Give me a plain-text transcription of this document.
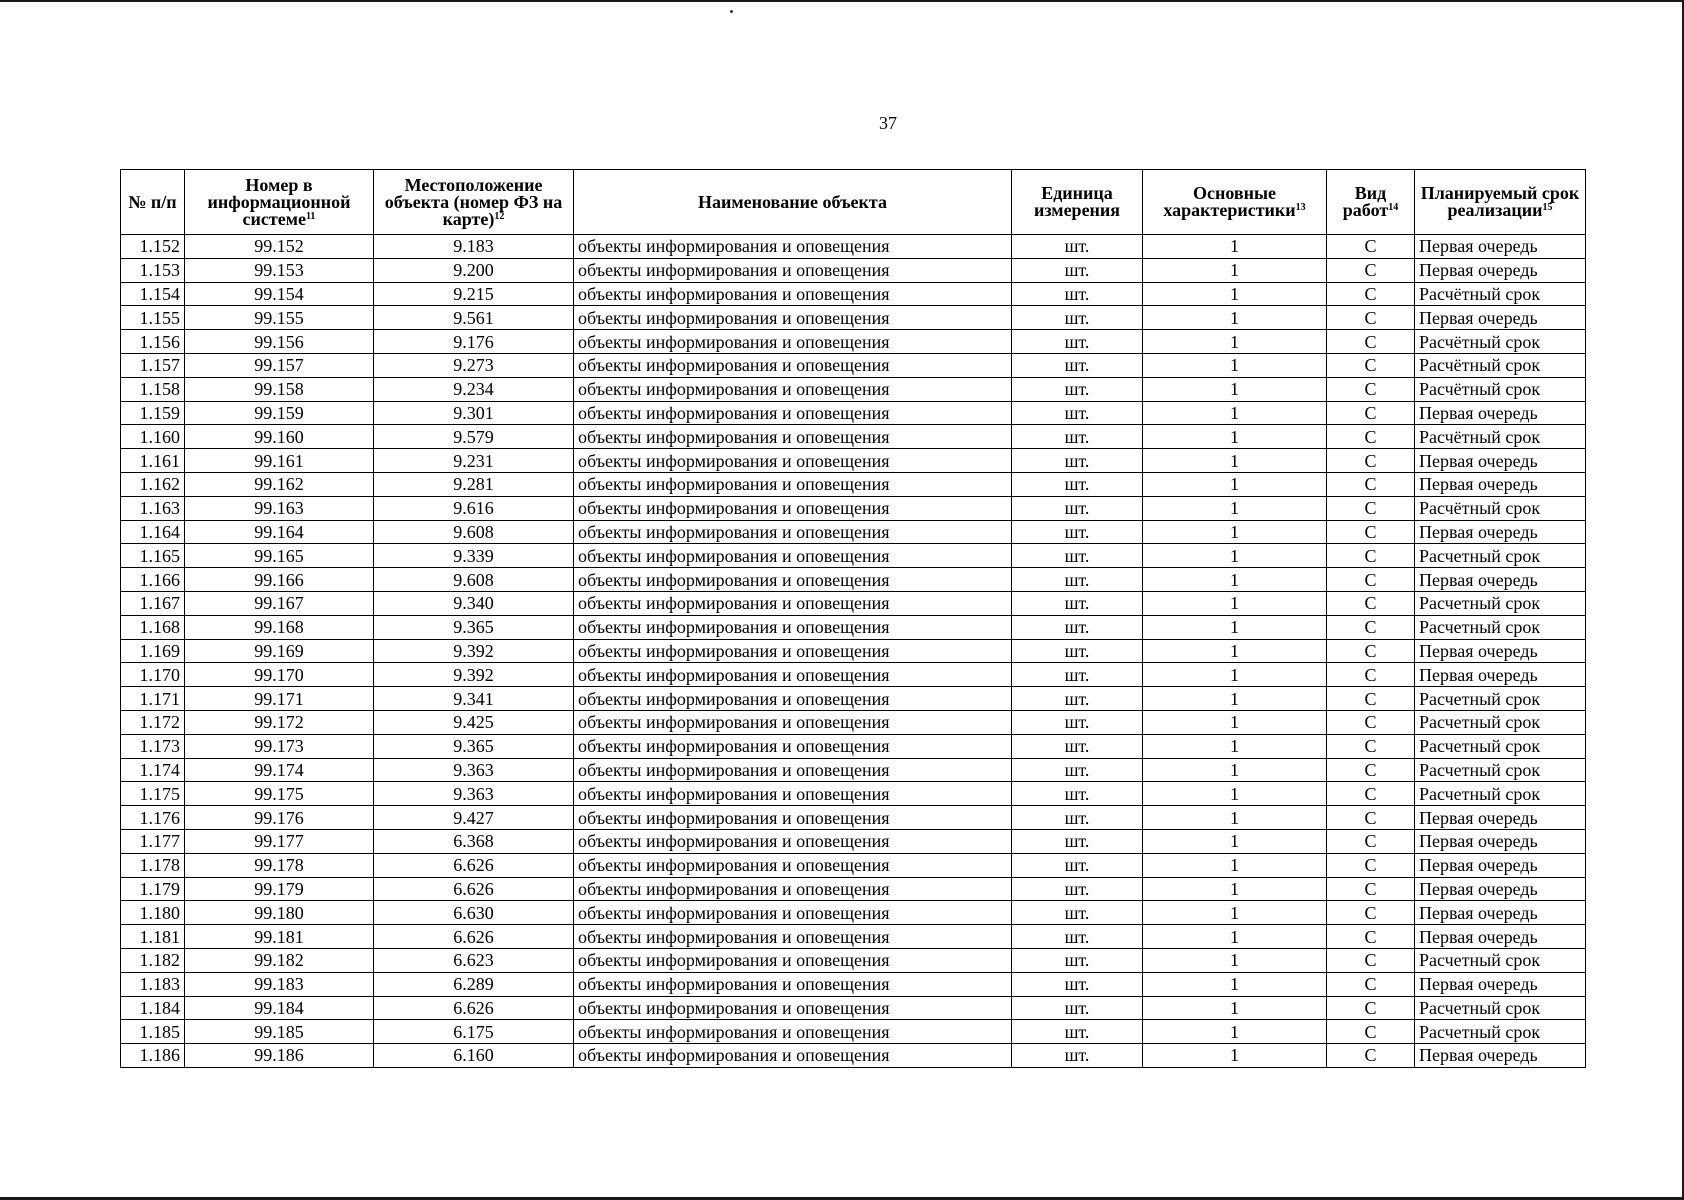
37
№ п/п	Номер в информационной системе$^{11}$	Местоположение объекта (номер ФЗ на карте)$^{12}$	Наименование объекта	Единица измерения	Основные характеристики$^{13}$	Вид работ$^{14}$	Планируемый срок реализации$^{15}$
1.152	99.152	9.183	объекты информирования и оповещения	шт.	1	С	Первая очередь
1.153	99.153	9.200	объекты информирования и оповещения	шт.	1	С	Первая очередь
1.154	99.154	9.215	объекты информирования и оповещения	шт.	1	С	Расчётный срок
1.155	99.155	9.561	объекты информирования и оповещения	шт.	1	С	Первая очередь
1.156	99.156	9.176	объекты информирования и оповещения	шт.	1	С	Расчётный срок
1.157	99.157	9.273	объекты информирования и оповещения	шт.	1	С	Расчётный срок
1.158	99.158	9.234	объекты информирования и оповещения	шт.	1	С	Расчётный срок
1.159	99.159	9.301	объекты информирования и оповещения	шт.	1	С	Первая очередь
1.160	99.160	9.579	объекты информирования и оповещения	шт.	1	С	Расчётный срок
1.161	99.161	9.231	объекты информирования и оповещения	шт.	1	С	Первая очередь
1.162	99.162	9.281	объекты информирования и оповещения	шт.	1	С	Первая очередь
1.163	99.163	9.616	объекты информирования и оповещения	шт.	1	С	Расчётный срок
1.164	99.164	9.608	объекты информирования и оповещения	шт.	1	С	Первая очередь
1.165	99.165	9.339	объекты информирования и оповещения	шт.	1	С	Расчетный срок
1.166	99.166	9.608	объекты информирования и оповещения	шт.	1	С	Первая очередь
1.167	99.167	9.340	объекты информирования и оповещения	шт.	1	С	Расчетный срок
1.168	99.168	9.365	объекты информирования и оповещения	шт.	1	С	Расчетный срок
1.169	99.169	9.392	объекты информирования и оповещения	шт.	1	С	Первая очередь
1.170	99.170	9.392	объекты информирования и оповещения	шт.	1	С	Первая очередь
1.171	99.171	9.341	объекты информирования и оповещения	шт.	1	С	Расчетный срок
1.172	99.172	9.425	объекты информирования и оповещения	шт.	1	С	Расчетный срок
1.173	99.173	9.365	объекты информирования и оповещения	шт.	1	С	Расчетный срок
1.174	99.174	9.363	объекты информирования и оповещения	шт.	1	С	Расчетный срок
1.175	99.175	9.363	объекты информирования и оповещения	шт.	1	С	Расчетный срок
1.176	99.176	9.427	объекты информирования и оповещения	шт.	1	С	Первая очередь
1.177	99.177	6.368	объекты информирования и оповещения	шт.	1	С	Первая очередь
1.178	99.178	6.626	объекты информирования и оповещения	шт.	1	С	Первая очередь
1.179	99.179	6.626	объекты информирования и оповещения	шт.	1	С	Первая очередь
1.180	99.180	6.630	объекты информирования и оповещения	шт.	1	С	Первая очередь
1.181	99.181	6.626	объекты информирования и оповещения	шт.	1	С	Первая очередь
1.182	99.182	6.623	объекты информирования и оповещения	шт.	1	С	Расчетный срок
1.183	99.183	6.289	объекты информирования и оповещения	шт.	1	С	Первая очередь
1.184	99.184	6.626	объекты информирования и оповещения	шт.	1	С	Расчетный срок
1.185	99.185	6.175	объекты информирования и оповещения	шт.	1	С	Расчетный срок
1.186	99.186	6.160	объекты информирования и оповещения	шт.	1	С	Первая очередь
